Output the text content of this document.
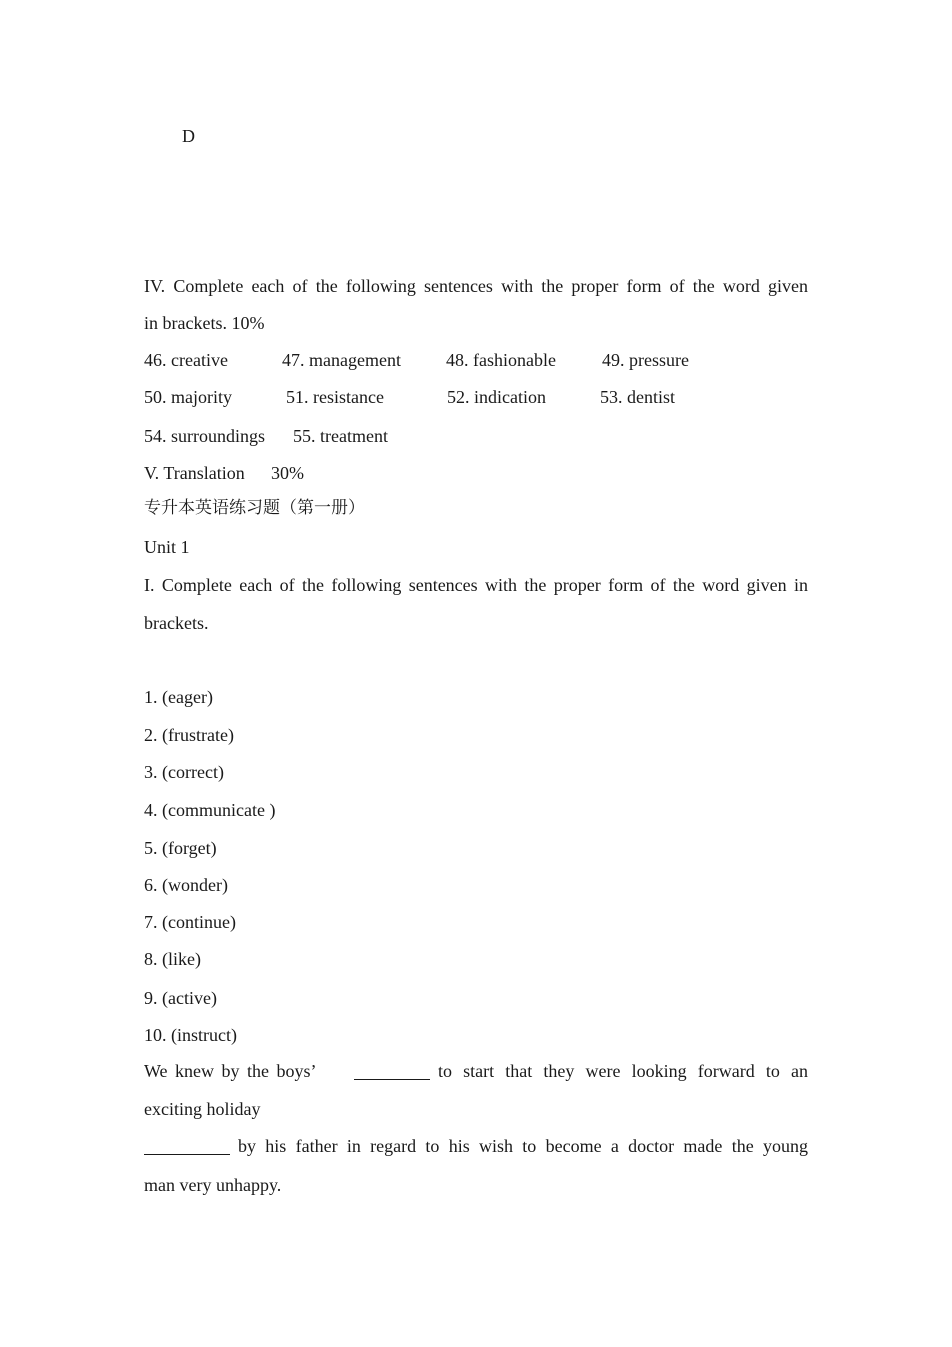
D
IV. Complete each of the following sentences with the proper form of the word given
in brackets. 10%
46. creative	47. management	48. fashionable	49. pressure
50. majority	51. resistance	52. indication	53. dentist
54. surroundings 55. treatment
V. Translation 30%
专升本英语练习题（第一册）
Unit 1
I. Complete each of the following sentences with the proper form of the word given in
brackets.
1. (eager)
2. (frustrate)
3. (correct)
4. (communicate )
5. (forget)
6. (wonder)
7. (continue)
8. (like)
9. (active)
10. (instruct)
We knew by the boys’	to start that they were looking forward to an
exciting holiday
by his father in regard to his wish to become a doctor made the young
man very unhappy.
